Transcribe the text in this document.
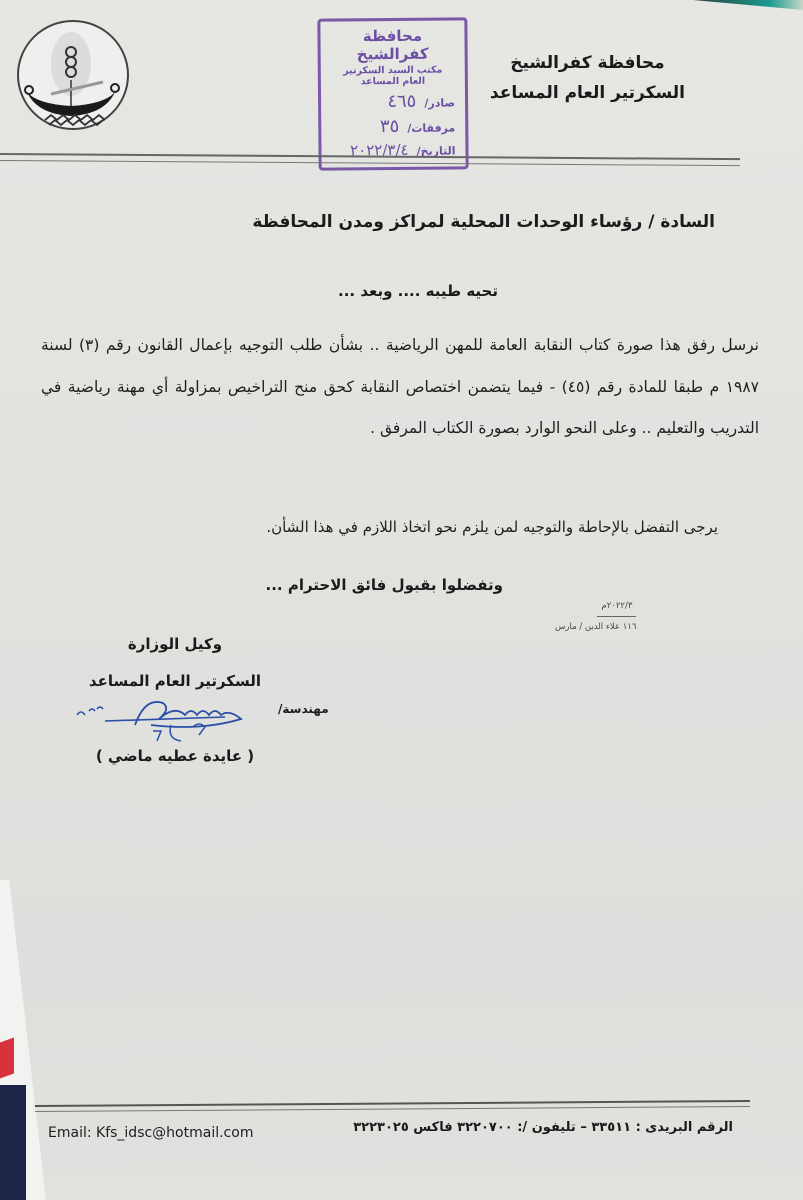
محافظة كفرالشيخ
مكتب السيد السكرتير العام المساعد
صادر/
٤٦٥
مرفقات/
٣٥
التاريخ/
٢٠٢٢/٣/٤
محافظة كفرالشيخ
السكرتير العام المساعد
السادة / رؤساء الوحدات المحلية لمراكز ومدن المحافظة
تحيه طيبه .... وبعد ...

نرسل رفق هذا صورة كتاب النقابة العامة للمهن الرياضية .. بشأن طلب التوجيه بإعمال القانون رقم (٣) لسنة ١٩٨٧ م طبقا للمادة رقم (٤٥) - فيما يتضمن اختصاص النقابة كحق منح التراخيص بمزاولة أي مهنة رياضية في التدريب والتعليم .. وعلى النحو الوارد بصورة الكتاب المرفق .

يرجى التفضل بالإحاطة والتوجيه لمن يلزم نحو اتخاذ اللازم في هذا الشأن.
وتفضلوا بقبول فائق الاحترام ...
٢٠٢٢/٣م
١١٦ علاء الدين / مارس
وكيل الوزارة
السكرتير العام المساعد
( عايدة عطيه ماضي )
مهندسة/
Email: Kfs_idsc@hotmail.com	الرقم البريدى : ٣٣٥١١ – تليفون /: ٣٢٢٠٧٠٠ فاكس ٣٢٢٣٠٢٥
